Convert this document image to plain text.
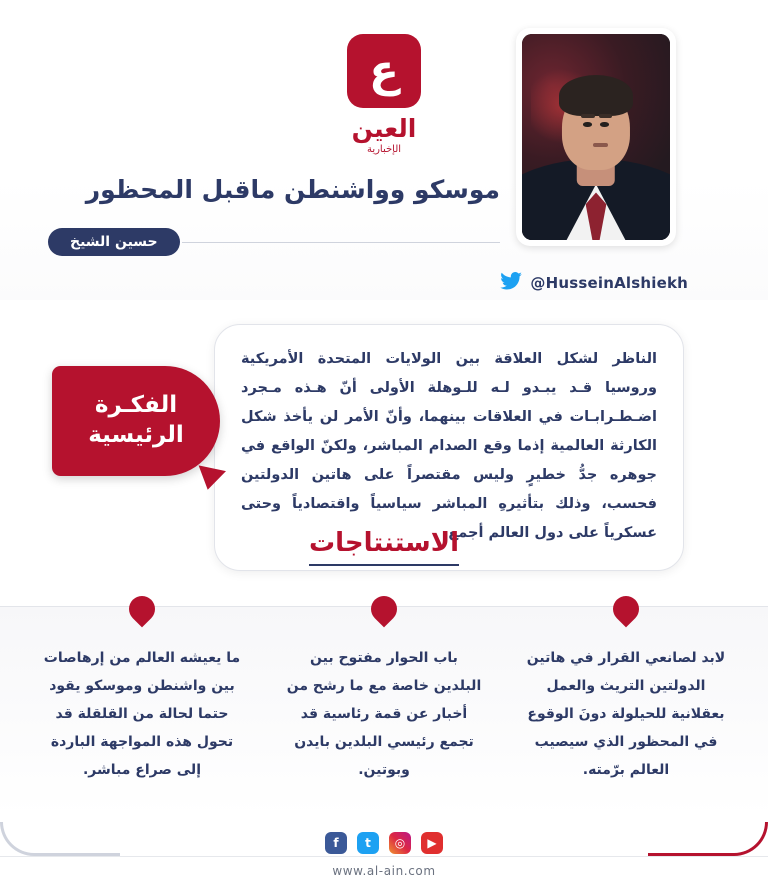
@HusseinAlshiekh
ع
العين
الإخبارية
موسكو وواشنطن ماقبل المحظور
حسين الشيخ
الناظر لشكل العلاقة بين الولايات المتحدة الأمريكية وروسيا قـد يبـدو لـه للـوهلة الأولى أنّ هـذه مـجرد اضـطـرابـات في العلاقات بينهما، وأنّ الأمر لن يأخذ شكل الكارثة العالمية إذما وقع الصدام المباشر، ولكنّ الواقع في جوهره جدُّ خطيرٍ وليس مقتصراً على هاتين الدولتين فحسب، وذلك بتأثيرهِ المباشر سياسياً واقتصادياً وحتى عسكرياً على دول العالم أجمع.
الفكـرة
الرئيسية
الاستنتاجات

لابد لصانعي القرار في هاتين الدولتين التريث والعمل بعقلانية للحيلولة دونَ الوقوع في المحظور الذي سيصيب العالم برّمته.

باب الحوار مفتوح بين البلدين خاصة مع ما رشح من أخبار عن قمة رئاسية قد تجمع رئيسي البلدين بايدن وبوتين.

ما يعيشه العالم من إرهاصات بين واشنطن وموسكو يقود حتما لحالة من القلقلة قد تحول هذه المواجهة الباردة إلى صراع مباشر.

▶
◎
t
f
www.al-ain.com
